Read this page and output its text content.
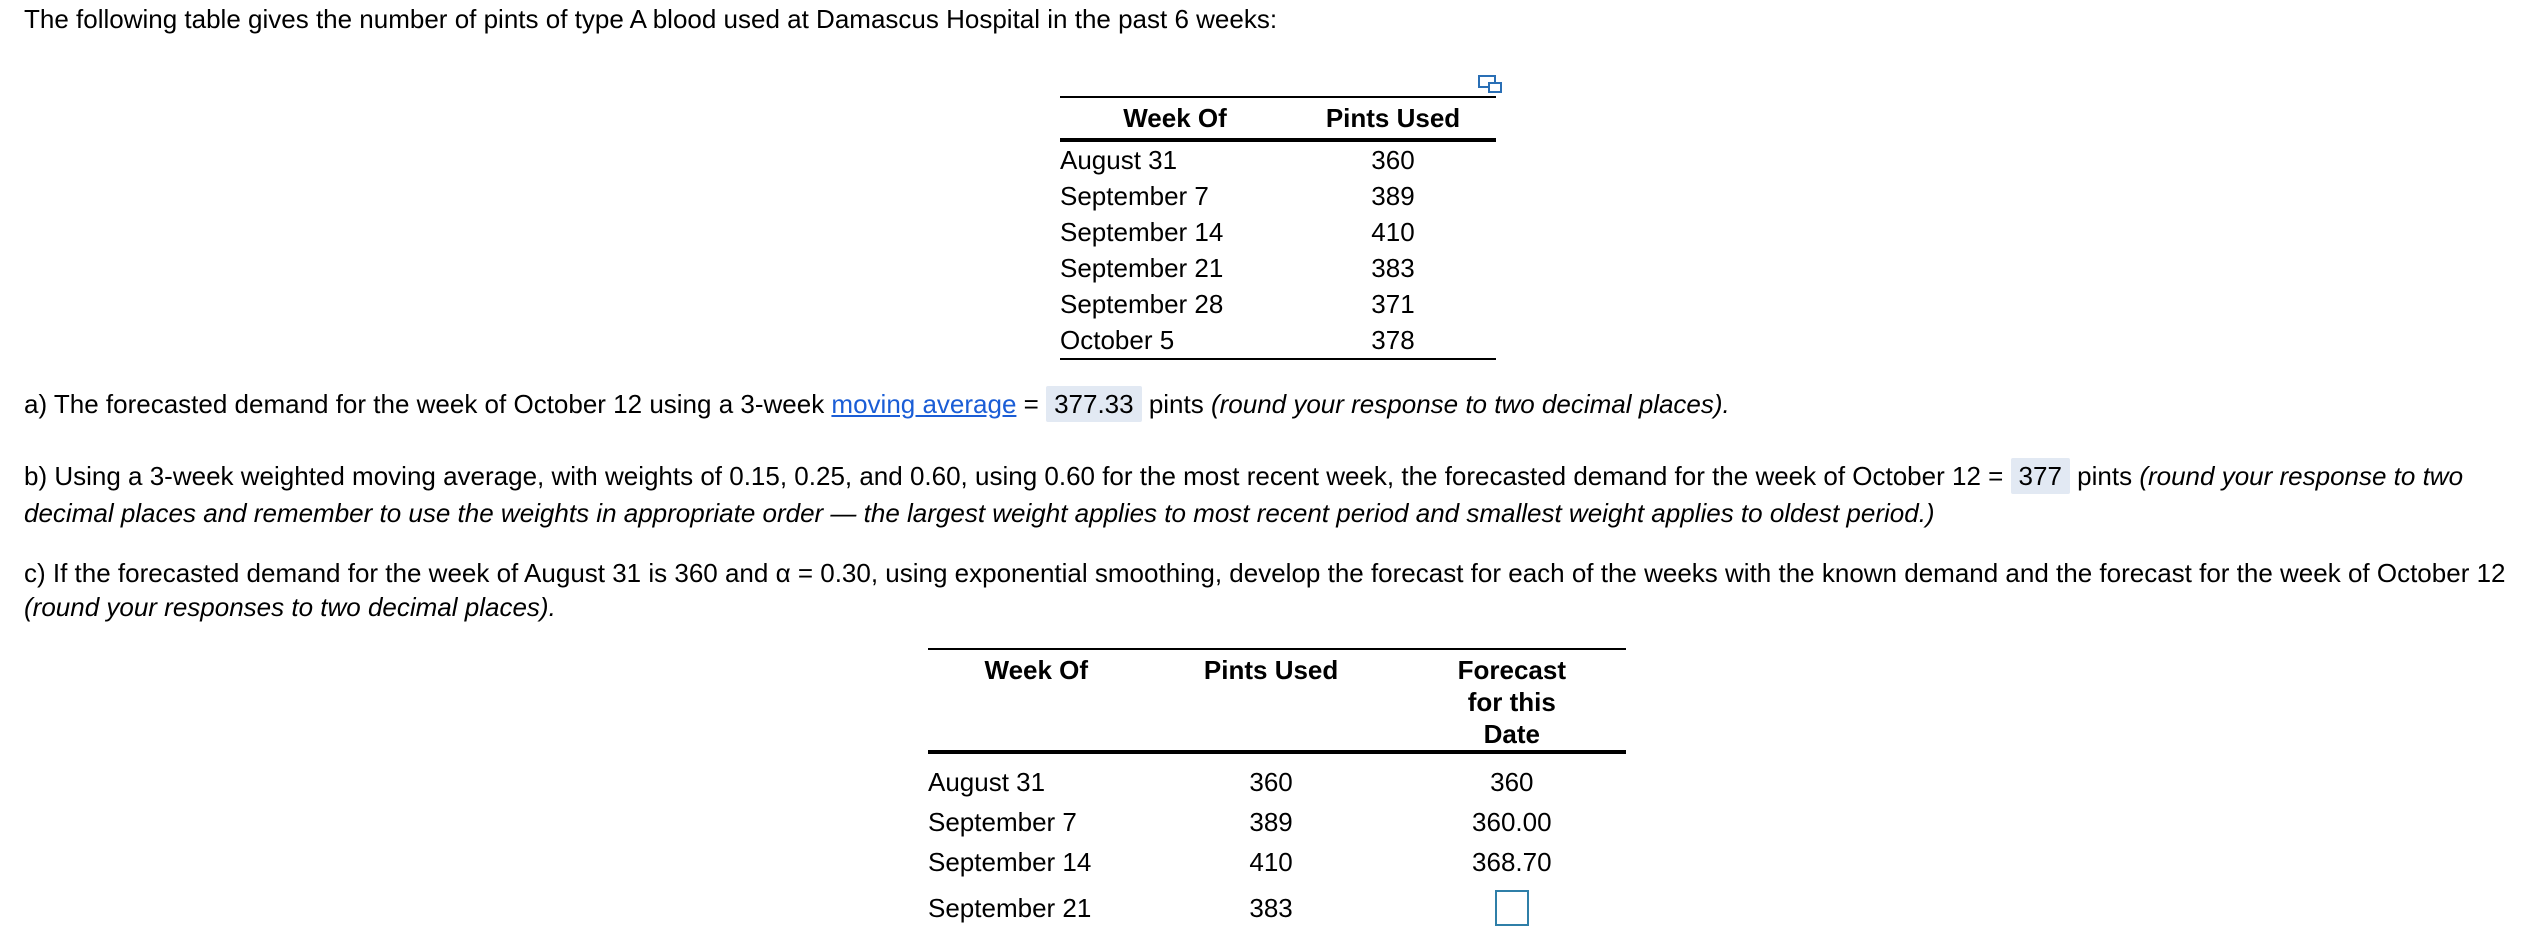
The following table gives the number of pints of type A blood used at Damascus Hospital in the past 6 weeks:
Week Of	Pints Used
August 31	360
September 7	389
September 14	410
September 21	383
September 28	371
October 5	378
a) The forecasted demand for the week of October 12 using a 3-week moving average = 377.33 pints (round your response to two decimal places).
b) Using a 3-week weighted moving average, with weights of 0.15, 0.25, and 0.60, using 0.60 for the most recent week, the forecasted demand for the week of October 12 = 377 pints (round your response to two decimal places and remember to use the weights in appropriate order — the largest weight applies to most recent period and smallest weight applies to oldest period.)
c) If the forecasted demand for the week of August 31 is 360 and α = 0.30, using exponential smoothing, develop the forecast for each of the weeks with the known demand and the forecast for the week of October 12
(round your responses to two decimal places).
Week Of	Pints Used	Forecast for this Date
August 31	360	360
September 7	389	360.00
September 14	410	368.70
September 21	383	
